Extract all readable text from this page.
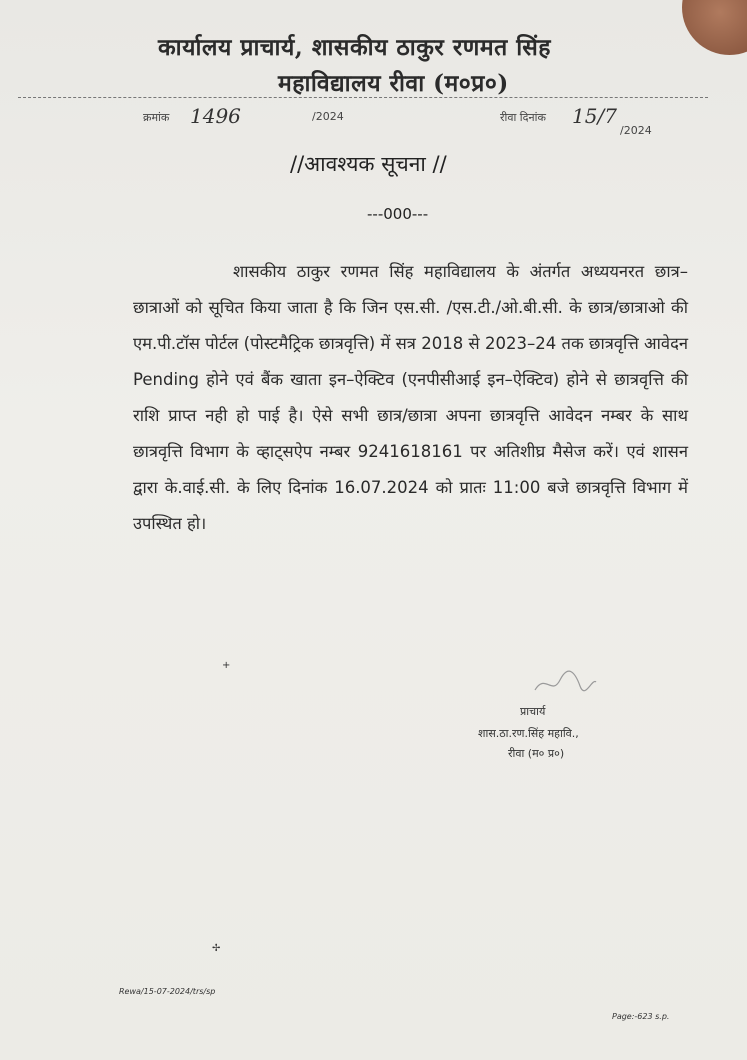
कार्यालय प्राचार्य, शासकीय ठाकुर रणमत सिंह
महाविद्यालय रीवा (म०प्र०)
क्रमांक 1496	/2024	रीवा दिनांक 15/7
/2024
//आवश्यक सूचना //
---000---
शासकीय ठाकुर रणमत सिंह महाविद्यालय के अंतर्गत अध्ययनरत छात्र–छात्राओं को सूचित किया जाता है कि जिन एस.सी. /एस.टी./ओ.बी.सी. के छात्र/छात्राओ की एम.पी.टॉस पोर्टल (पोस्टमैट्रिक छात्रवृत्ति) में सत्र 2018 से 2023–24 तक छात्रवृत्ति आवेदन Pending होने एवं बैंक खाता इन–ऐक्टिव (एनपीसीआई इन–ऐक्टिव) होने से छात्रवृत्ति की राशि प्राप्त नही हो पाई है। ऐसे सभी छात्र/छात्रा अपना छात्रवृत्ति आवेदन नम्बर के साथ छात्रवृत्ति विभाग के व्हाट्सऐप नम्बर 9241618161 पर अतिशीघ्र मैसेज करें। एवं शासन द्वारा के.वाई.सी. के लिए दिनांक 16.07.2024 को प्रातः 11:00 बजे छात्रवृत्ति विभाग में उपस्थित हो।
+
प्राचार्य
शास.ठा.रण.सिंह महावि.,
रीवा (म० प्र०)
✢
Rewa/15-07-2024/trs/sp
Page:-623 s.p.
